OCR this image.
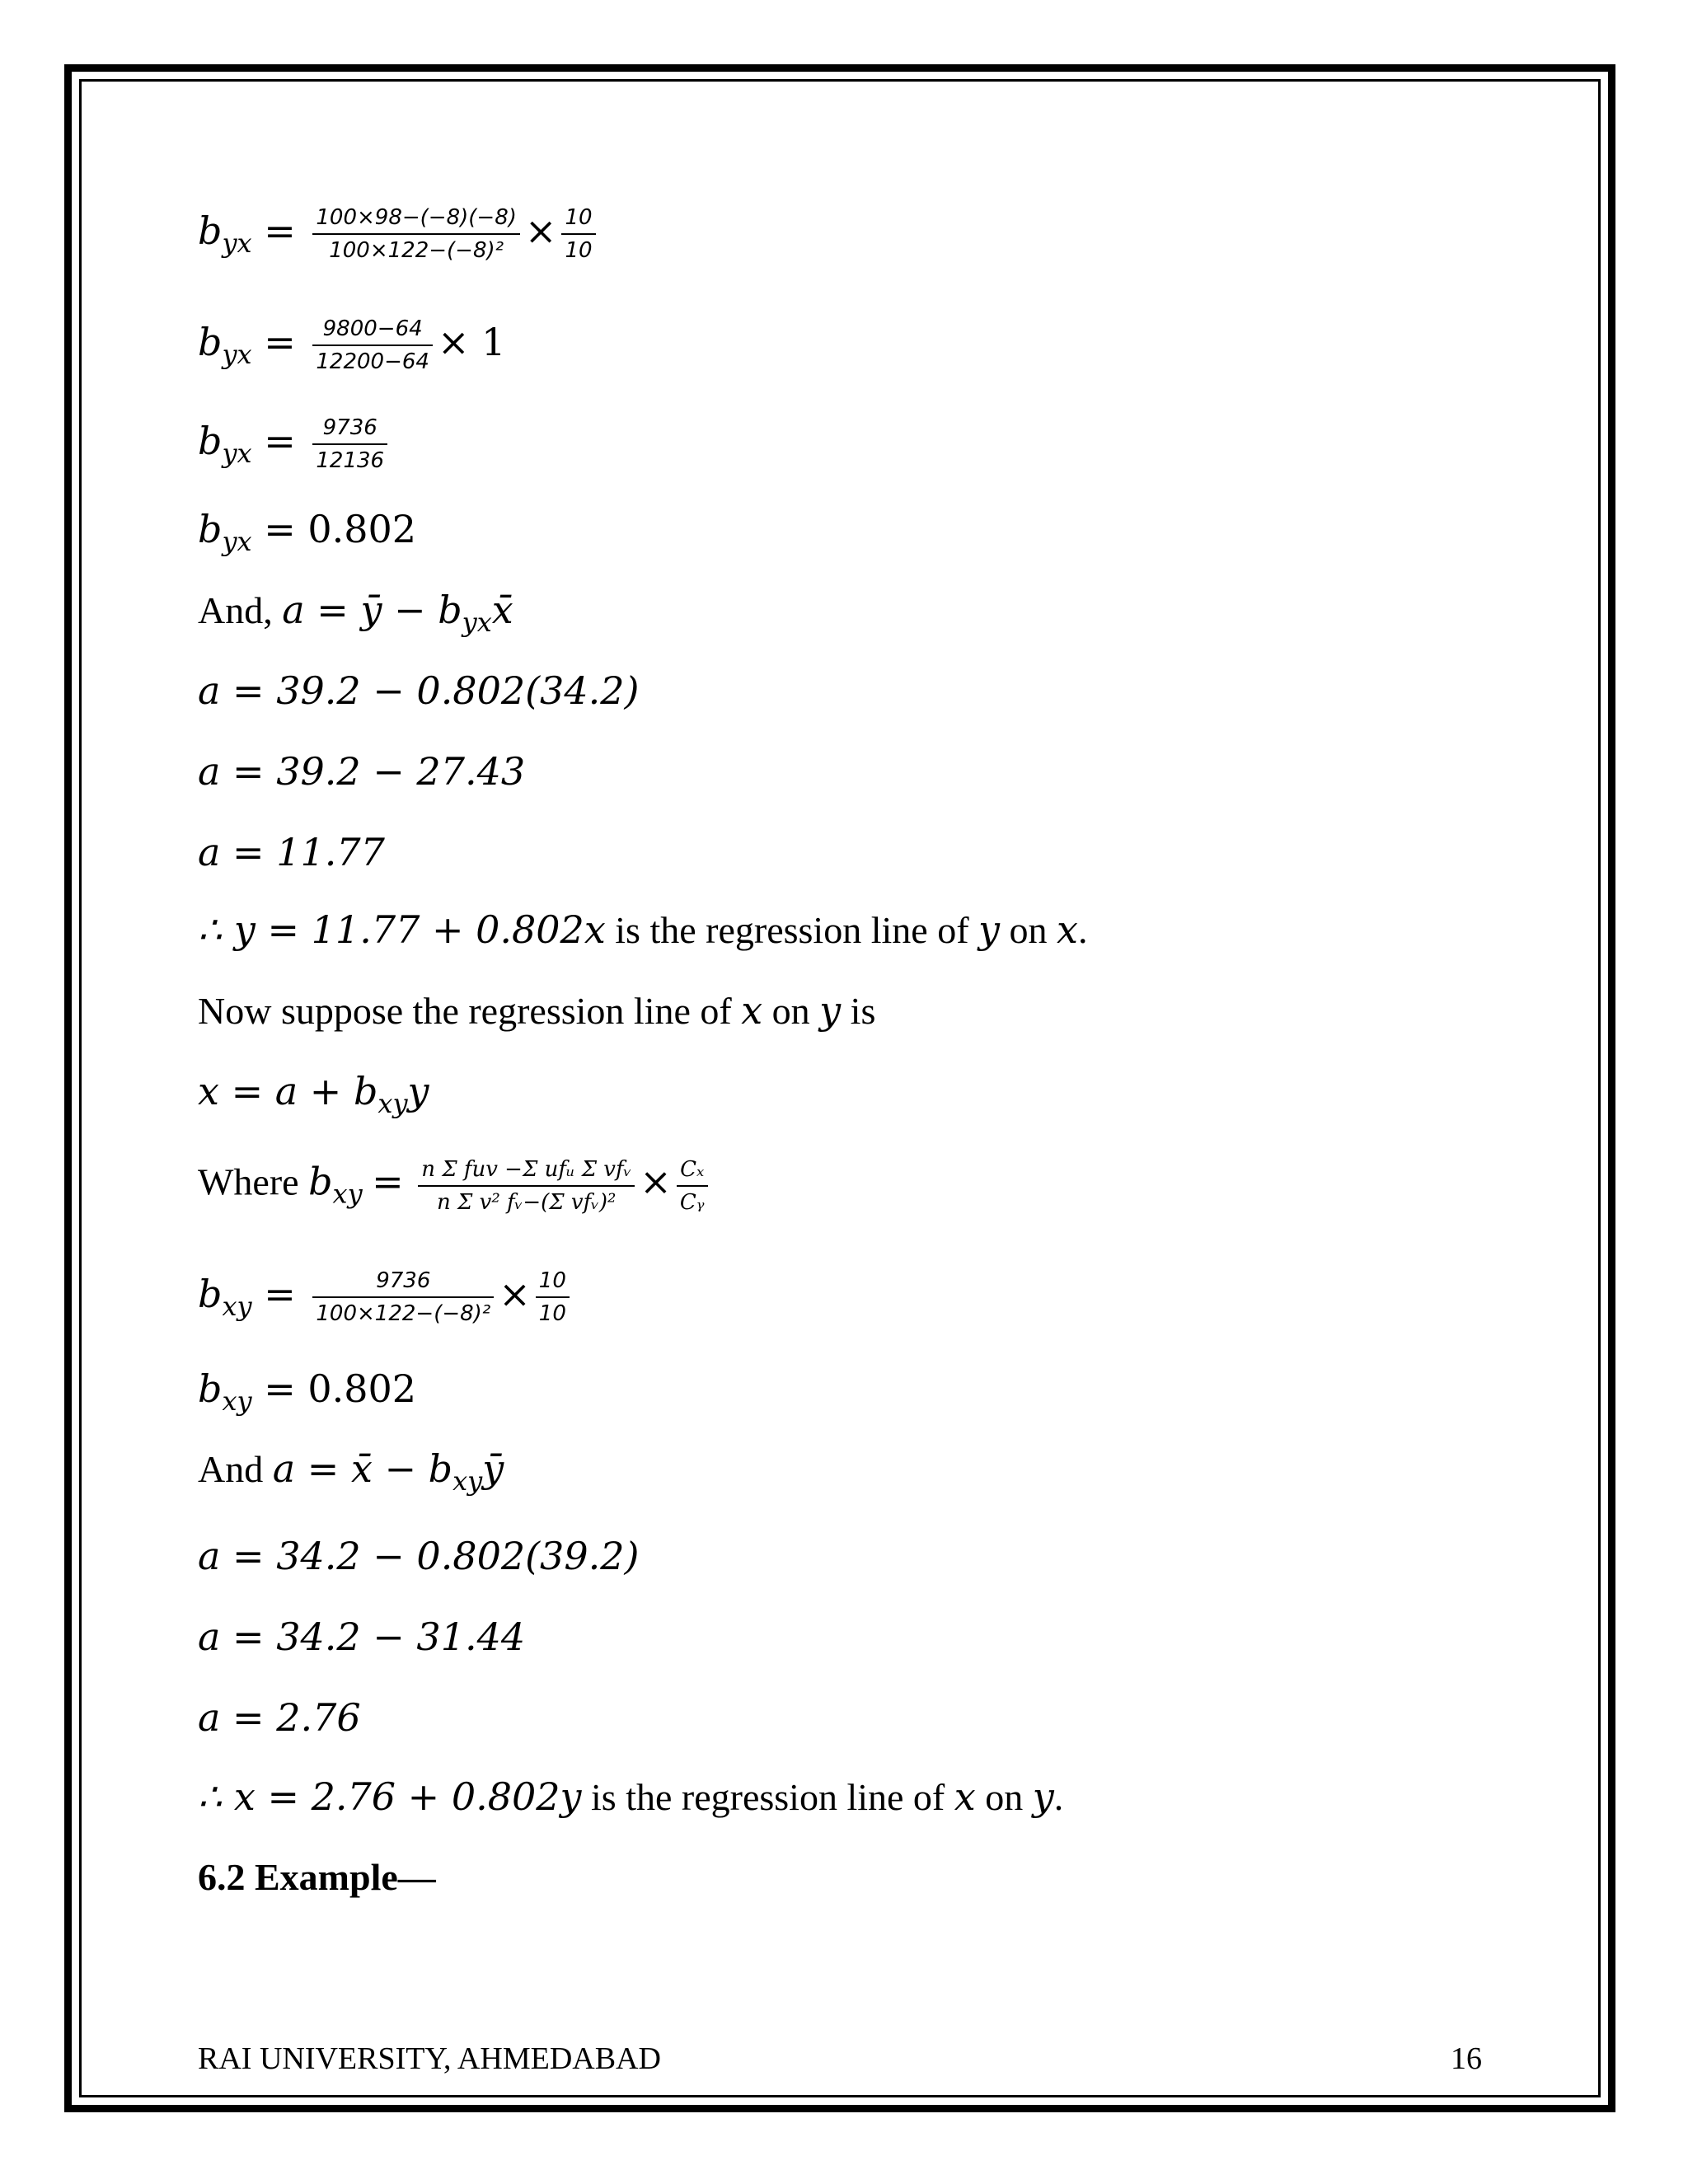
$b_{yx} = \frac{100\times 98-(-8)(-8)}{\text{100×122−(−8)²}} \times \frac{10}{10}$
$b_{yx} = \frac{9800-64}{12200-64} \times 1$
$b_{yx} = \frac{9736}{12136}$
$b_{yx} = 0.802$
And, a = ȳ − $b_{yx}x̄$
a = 39.2 − 0.802(34.2)
a = 39.2 − 27.43
a = 11.77
∴ y = 11.77 + 0.802x is the regression line of y on x.
Now suppose the regression line of x on y is
$x = a + b_{xy}y$
Where $b_{xy} = \frac{\text{n Σ fuv −Σ ufᵤ Σ vfᵥ}}{\text{n Σ v² fᵥ−(Σ vfᵥ)²}} \times \frac{\text{Cₓ}}{\text{Cᵧ}}$
$b_{xy} = \frac{9736}{\text{100×122−(−8)²}} \times \frac{10}{10}$
$b_{xy} = 0.802$
And a = x̄ − $b_{xy}ȳ$
a = 34.2 − 0.802(39.2)
a = 34.2 − 31.44
a = 2.76
∴ x = 2.76 + 0.802y is the regression line of x on y.
6.2 Example—
RAI UNIVERSITY, AHMEDABAD	16
